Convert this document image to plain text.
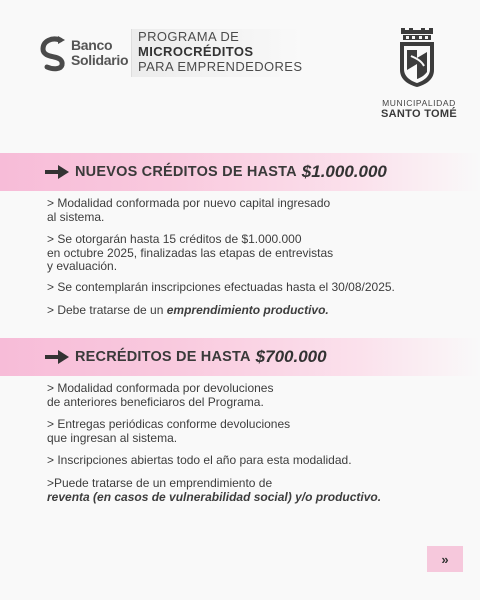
Banco
Solidario
PROGRAMA DE
MICROCRÉDITOS
PARA EMPRENDEDORES
MUNICIPALIDAD
SANTO TOMÉ
NUEVOS CRÉDITOS DE HASTA $1.000.000

> Modalidad conformada por nuevo capital ingresado
al sistema.

> Se otorgarán hasta 15 créditos de $1.000.000
en octubre 2025, finalizadas las etapas de entrevistas
y evaluación.

> Se contemplarán inscripciones efectuadas hasta el 30/08/2025.

> Debe tratarse de un emprendimiento productivo.

RECRÉDITOS DE HASTA $700.000

> Modalidad conformada por devoluciones
de anteriores beneficiaros del Programa.

> Entregas periódicas conforme devoluciones
que ingresan al sistema.

> Inscripciones abiertas todo el año para esta modalidad.

>Puede tratarse de un emprendimiento de

reventa (en casos de vulnerabilidad social) y/o productivo.

»
